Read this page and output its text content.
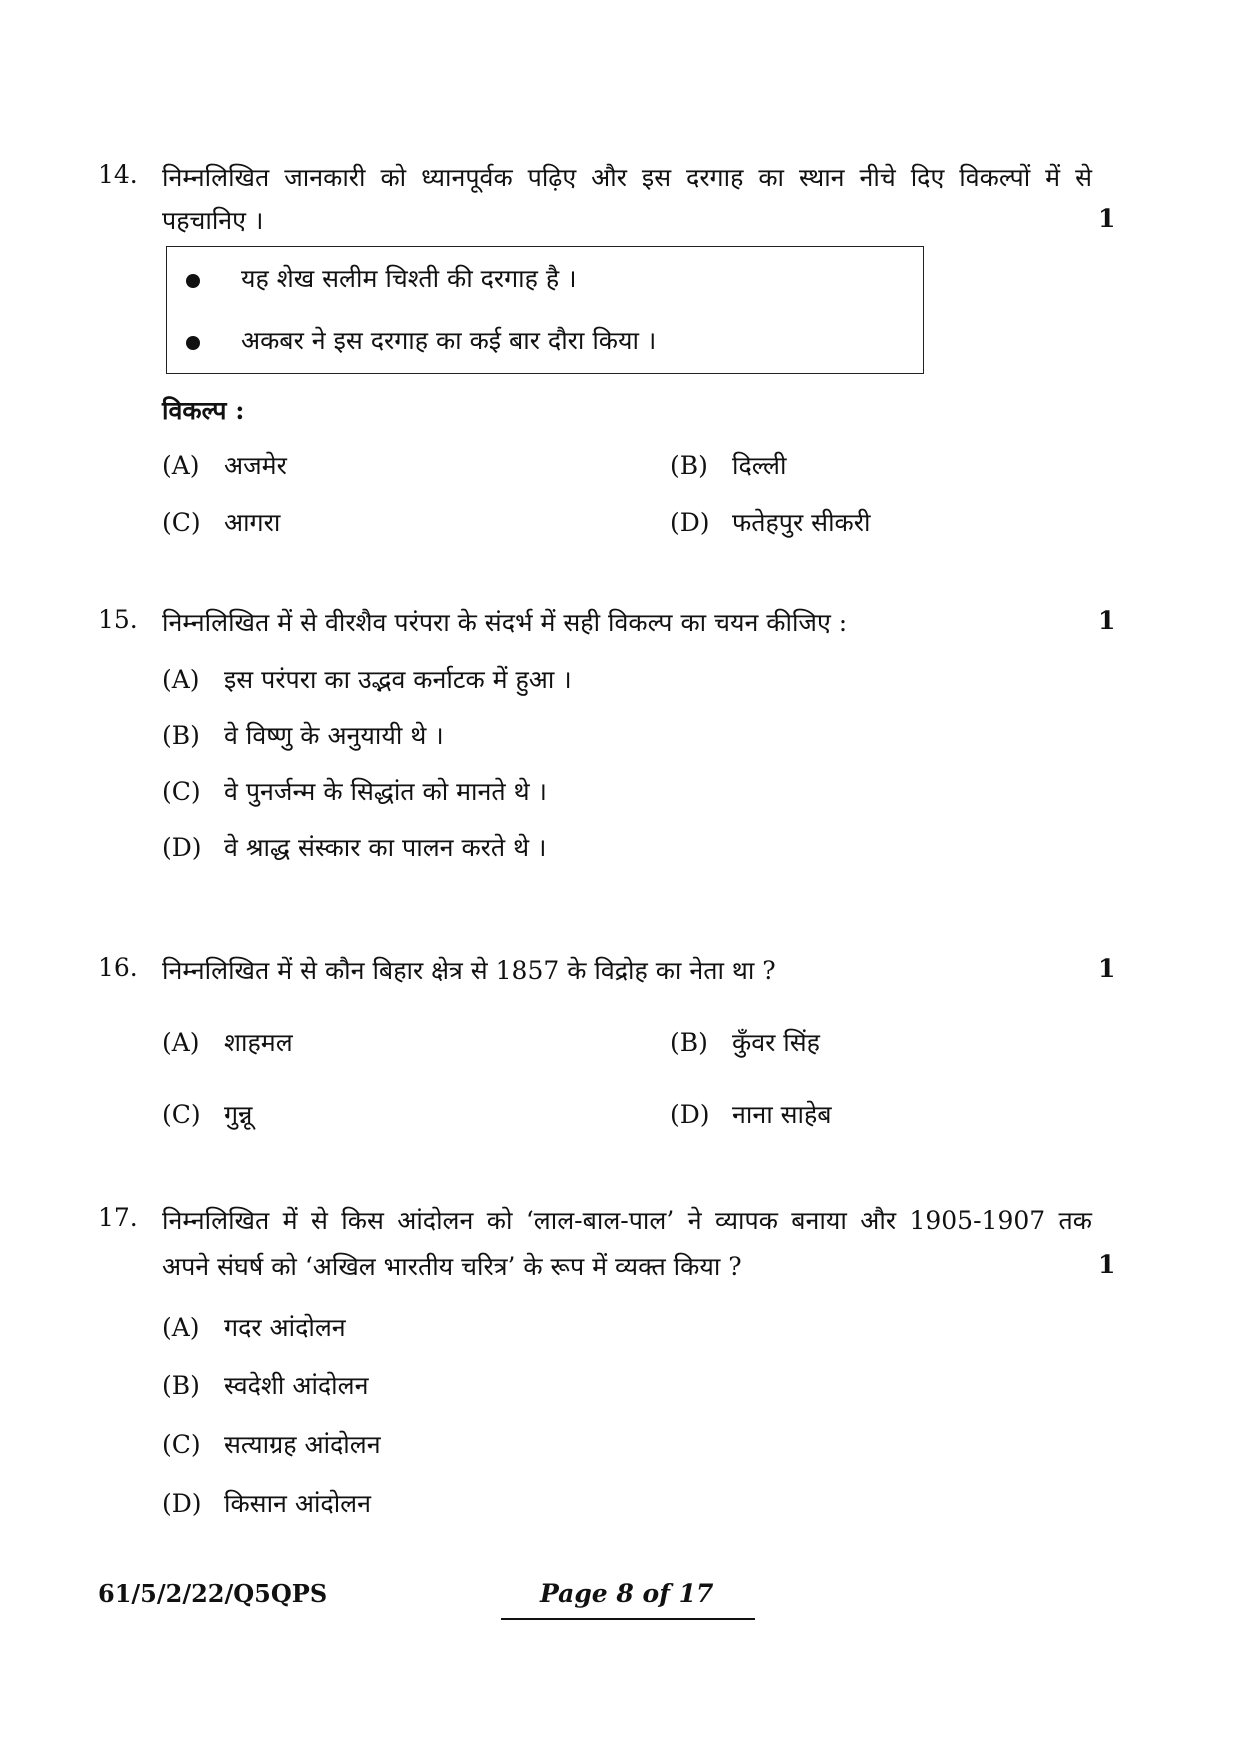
14. निम्नलिखित जानकारी को ध्यानपूर्वक पढ़िए और इस दरगाह का स्थान नीचे दिए विकल्पों में से
पहचानिए ।	1
यह शेख सलीम चिश्ती की दरगाह है ।
अकबर ने इस दरगाह का कई बार दौरा किया ।
विकल्प :
(A) अजमेर	(B) दिल्ली
(C) आगरा	(D) फतेहपुर सीकरी
15. निम्नलिखित में से वीरशैव परंपरा के संदर्भ में सही विकल्प का चयन कीजिए :	1
(A) इस परंपरा का उद्भव कर्नाटक में हुआ ।
(B) वे विष्णु के अनुयायी थे ।
(C) वे पुनर्जन्म के सिद्धांत को मानते थे ।
(D) वे श्राद्ध संस्कार का पालन करते थे ।
16. निम्नलिखित में से कौन बिहार क्षेत्र से 1857 के विद्रोह का नेता था ?	1
(A) शाहमल	(B) कुँवर सिंह
(C) गुन्नू	(D) नाना साहेब
17. निम्नलिखित में से किस आंदोलन को ‘लाल-बाल-पाल’ ने व्यापक बनाया और 1905-1907 तक
अपने संघर्ष को ‘अखिल भारतीय चरित्र’ के रूप में व्यक्त किया ?	1
(A) गदर आंदोलन
(B) स्वदेशी आंदोलन
(C) सत्याग्रह आंदोलन
(D) किसान आंदोलन
61/5/2/22/Q5QPS	Page 8 of 17
